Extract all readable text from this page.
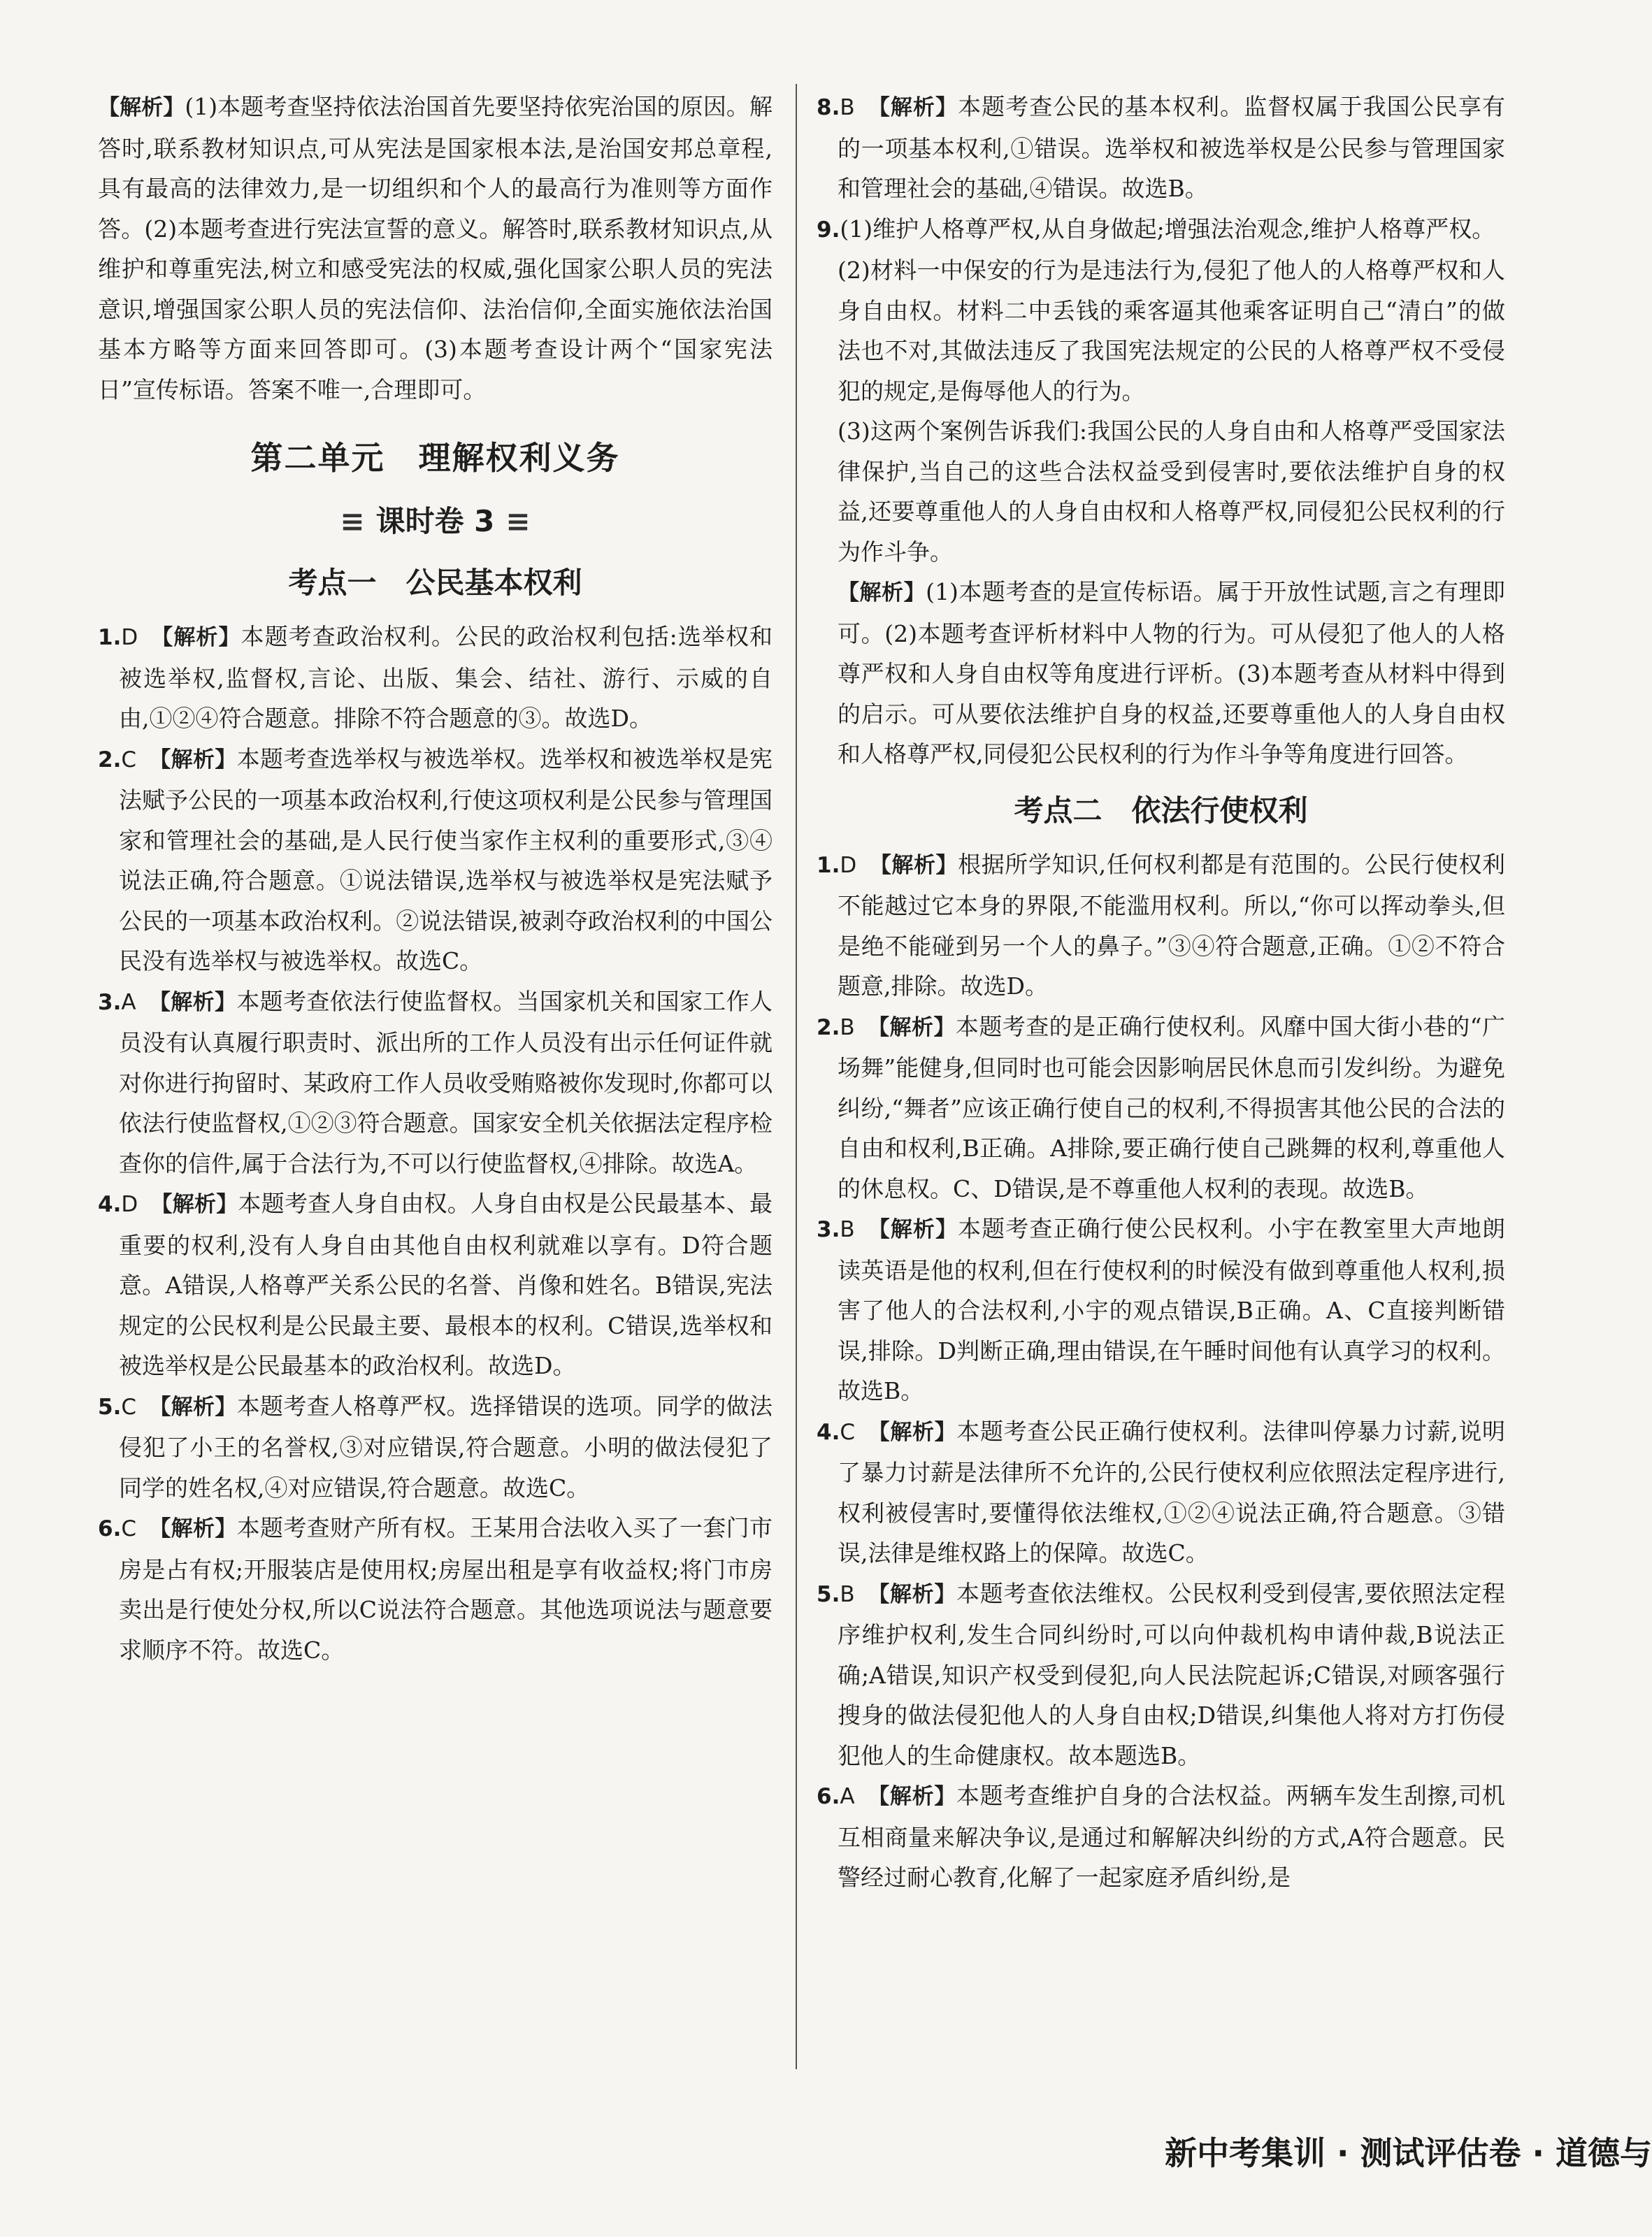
【解析】(1)本题考查坚持依法治国首先要坚持依宪治国的原因。解答时,联系教材知识点,可从宪法是国家根本法,是治国安邦总章程,具有最高的法律效力,是一切组织和个人的最高行为准则等方面作答。(2)本题考查进行宪法宣誓的意义。解答时,联系教材知识点,从维护和尊重宪法,树立和感受宪法的权威,强化国家公职人员的宪法意识,增强国家公职人员的宪法信仰、法治信仰,全面实施依法治国基本方略等方面来回答即可。(3)本题考查设计两个“国家宪法日”宣传标语。答案不唯一,合理即可。

第二单元　理解权利义务
≡ 课时卷 3 ≡
考点一　公民基本权利

1.D 【解析】本题考查政治权利。公民的政治权利包括:选举权和被选举权,监督权,言论、出版、集会、结社、游行、示威的自由,①②④符合题意。排除不符合题意的③。故选D。

2.C 【解析】本题考查选举权与被选举权。选举权和被选举权是宪法赋予公民的一项基本政治权利,行使这项权利是公民参与管理国家和管理社会的基础,是人民行使当家作主权利的重要形式,③④说法正确,符合题意。①说法错误,选举权与被选举权是宪法赋予公民的一项基本政治权利。②说法错误,被剥夺政治权利的中国公民没有选举权与被选举权。故选C。

3.A 【解析】本题考查依法行使监督权。当国家机关和国家工作人员没有认真履行职责时、派出所的工作人员没有出示任何证件就对你进行拘留时、某政府工作人员收受贿赂被你发现时,你都可以依法行使监督权,①②③符合题意。国家安全机关依据法定程序检查你的信件,属于合法行为,不可以行使监督权,④排除。故选A。

4.D 【解析】本题考查人身自由权。人身自由权是公民最基本、最重要的权利,没有人身自由其他自由权利就难以享有。D符合题意。A错误,人格尊严关系公民的名誉、肖像和姓名。B错误,宪法规定的公民权利是公民最主要、最根本的权利。C错误,选举权和被选举权是公民最基本的政治权利。故选D。

5.C 【解析】本题考查人格尊严权。选择错误的选项。同学的做法侵犯了小王的名誉权,③对应错误,符合题意。小明的做法侵犯了同学的姓名权,④对应错误,符合题意。故选C。

6.C 【解析】本题考查财产所有权。王某用合法收入买了一套门市房是占有权;开服装店是使用权;房屋出租是享有收益权;将门市房卖出是行使处分权,所以C说法符合题意。其他选项说法与题意要求顺序不符。故选C。

8.B 【解析】本题考查公民的基本权利。监督权属于我国公民享有的一项基本权利,①错误。选举权和被选举权是公民参与管理国家和管理社会的基础,④错误。故选B。

9.(1)维护人格尊严权,从自身做起;增强法治观念,维护人格尊严权。

(2)材料一中保安的行为是违法行为,侵犯了他人的人格尊严权和人身自由权。材料二中丢钱的乘客逼其他乘客证明自己“清白”的做法也不对,其做法违反了我国宪法规定的公民的人格尊严权不受侵犯的规定,是侮辱他人的行为。

(3)这两个案例告诉我们:我国公民的人身自由和人格尊严受国家法律保护,当自己的这些合法权益受到侵害时,要依法维护自身的权益,还要尊重他人的人身自由权和人格尊严权,同侵犯公民权利的行为作斗争。

【解析】(1)本题考查的是宣传标语。属于开放性试题,言之有理即可。(2)本题考查评析材料中人物的行为。可从侵犯了他人的人格尊严权和人身自由权等角度进行评析。(3)本题考查从材料中得到的启示。可从要依法维护自身的权益,还要尊重他人的人身自由权和人格尊严权,同侵犯公民权利的行为作斗争等角度进行回答。

考点二　依法行使权利

1.D 【解析】根据所学知识,任何权利都是有范围的。公民行使权利不能越过它本身的界限,不能滥用权利。所以,“你可以挥动拳头,但是绝不能碰到另一个人的鼻子。”③④符合题意,正确。①②不符合题意,排除。故选D。

2.B 【解析】本题考查的是正确行使权利。风靡中国大街小巷的“广场舞”能健身,但同时也可能会因影响居民休息而引发纠纷。为避免纠纷,“舞者”应该正确行使自己的权利,不得损害其他公民的合法的自由和权利,B正确。A排除,要正确行使自己跳舞的权利,尊重他人的休息权。C、D错误,是不尊重他人权利的表现。故选B。

3.B 【解析】本题考查正确行使公民权利。小宇在教室里大声地朗读英语是他的权利,但在行使权利的时候没有做到尊重他人权利,损害了他人的合法权利,小宇的观点错误,B正确。A、C直接判断错误,排除。D判断正确,理由错误,在午睡时间他有认真学习的权利。故选B。

4.C 【解析】本题考查公民正确行使权利。法律叫停暴力讨薪,说明了暴力讨薪是法律所不允许的,公民行使权利应依照法定程序进行,权利被侵害时,要懂得依法维权,①②④说法正确,符合题意。③错误,法律是维权路上的保障。故选C。

5.B 【解析】本题考查依法维权。公民权利受到侵害,要依照法定程序维护权利,发生合同纠纷时,可以向仲裁机构申请仲裁,B说法正确;A错误,知识产权受到侵犯,向人民法院起诉;C错误,对顾客强行搜身的做法侵犯他人的人身自由权;D错误,纠集他人将对方打伤侵犯他人的生命健康权。故本题选B。

6.A 【解析】本题考查维护自身的合法权益。两辆车发生刮擦,司机互相商量来解决争议,是通过和解解决纠纷的方式,A符合题意。民警经过耐心教育,化解了一起家庭矛盾纠纷,是

新中考集训 · 测试评估卷 · 道德与
